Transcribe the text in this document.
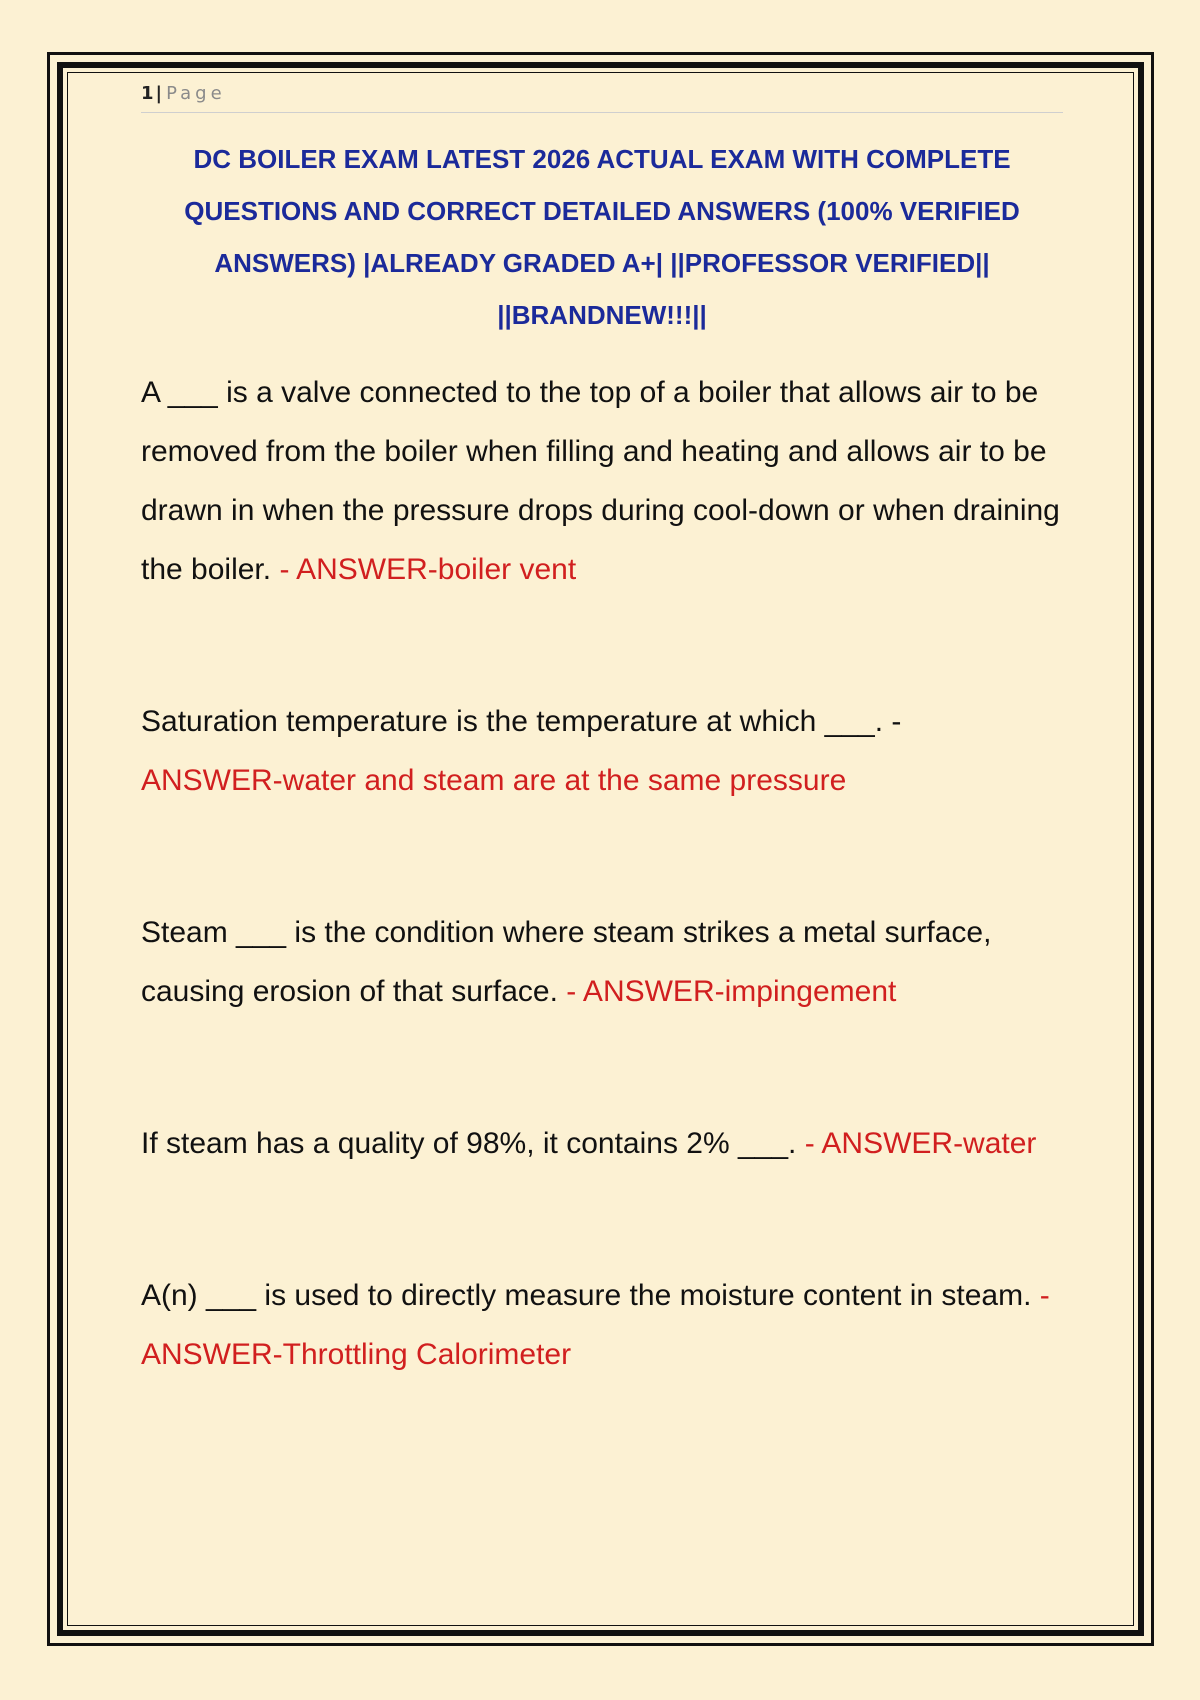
1 | Page
DC BOILER EXAM LATEST 2026 ACTUAL EXAM WITH COMPLETE QUESTIONS AND CORRECT DETAILED ANSWERS (100% VERIFIED ANSWERS) |ALREADY GRADED A+| ||PROFESSOR VERIFIED|| ||BRANDNEW!!!||

A ___ is a valve connected to the top of a boiler that allows air to be removed from the boiler when filling and heating and allows air to be drawn in when the pressure drops during cool-down or when draining the boiler. - ANSWER-boiler vent

Saturation temperature is the temperature at which ___. -
ANSWER-water and steam are at the same pressure

Steam ___ is the condition where steam strikes a metal surface, causing erosion of that surface. - ANSWER-impingement

If steam has a quality of 98%, it contains 2% ___. - ANSWER-water

A(n) ___ is used to directly measure the moisture content in steam. - ANSWER-Throttling Calorimeter
